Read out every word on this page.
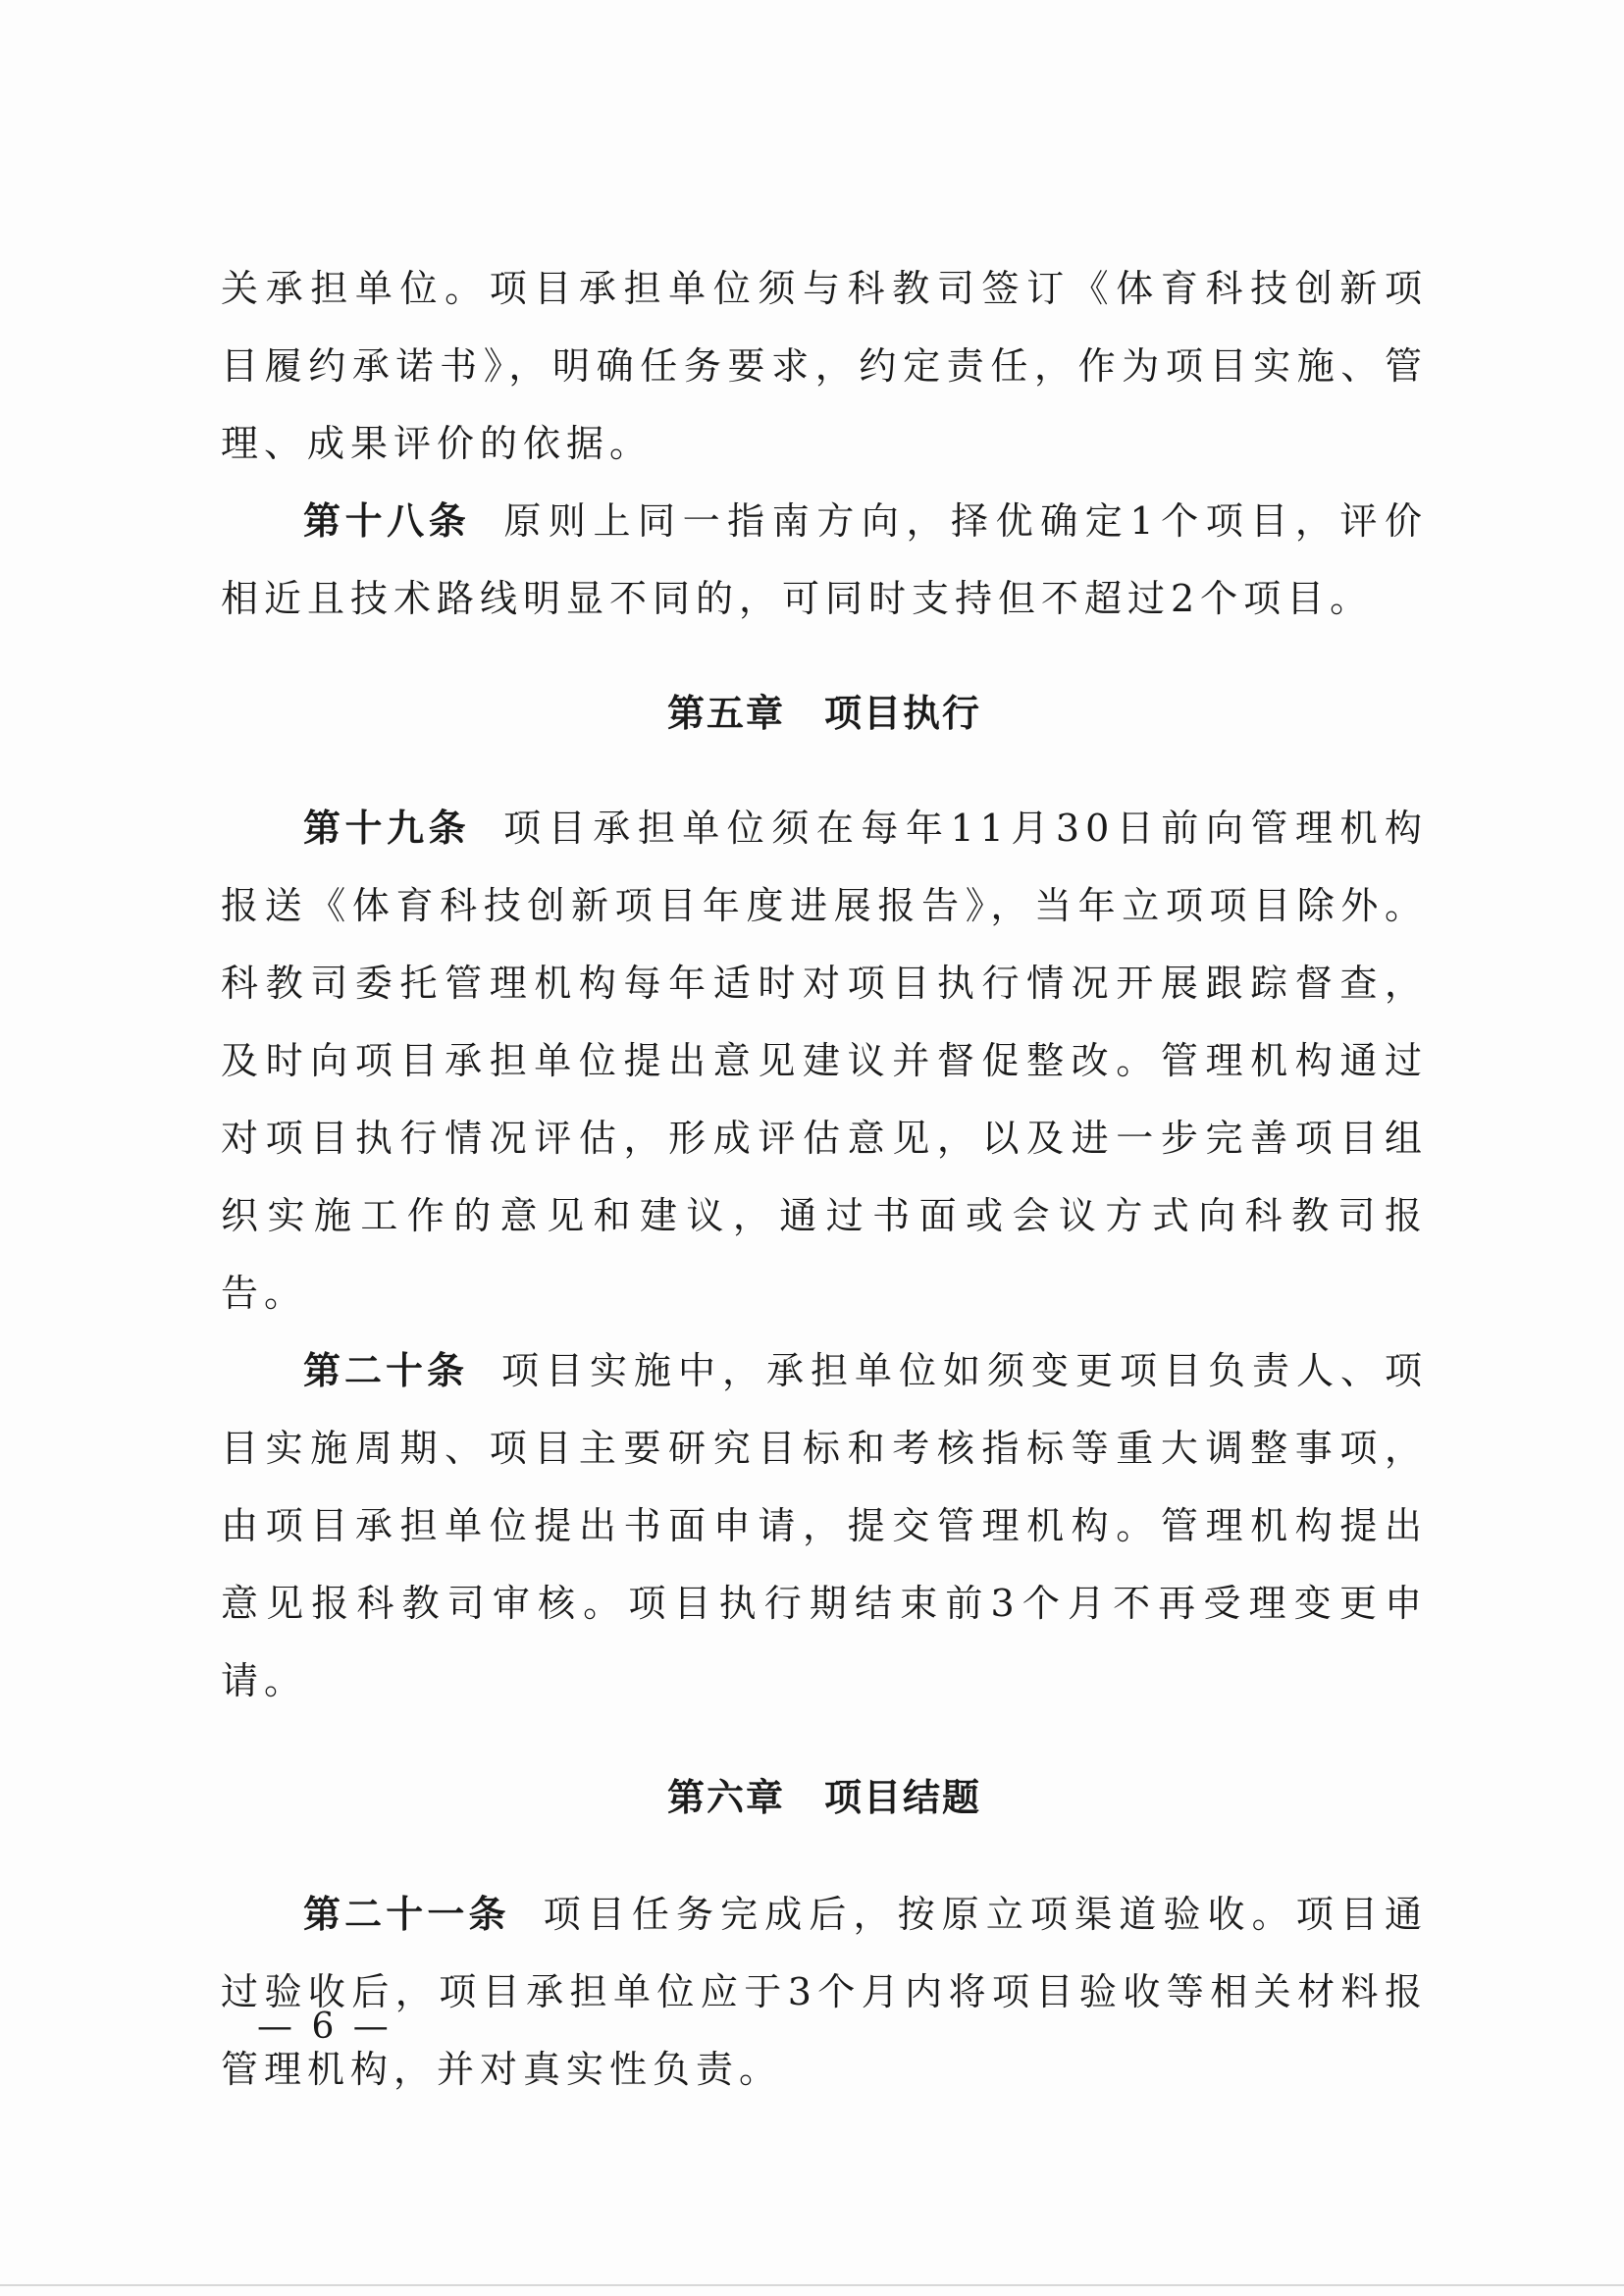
关承担单位。项目承担单位须与科教司签订《体育科技创新项目履约承诺书》，明确任务要求，约定责任，作为项目实施、管理、成果评价的依据。

第十八条 原则上同一指南方向，择优确定1个项目，评价相近且技术路线明显不同的，可同时支持但不超过2个项目。

第五章 项目执行

第十九条 项目承担单位须在每年11月30日前向管理机构报送《体育科技创新项目年度进展报告》，当年立项项目除外。科教司委托管理机构每年适时对项目执行情况开展跟踪督查，及时向项目承担单位提出意见建议并督促整改。管理机构通过对项目执行情况评估，形成评估意见，以及进一步完善项目组织实施工作的意见和建议，通过书面或会议方式向科教司报告。

第二十条 项目实施中，承担单位如须变更项目负责人、项目实施周期、项目主要研究目标和考核指标等重大调整事项，由项目承担单位提出书面申请，提交管理机构。管理机构提出意见报科教司审核。项目执行期结束前3个月不再受理变更申请。

第六章 项目结题

第二十一条 项目任务完成后，按原立项渠道验收。项目通过验收后，项目承担单位应于3个月内将项目验收等相关材料报管理机构，并对真实性负责。

— 6 —
